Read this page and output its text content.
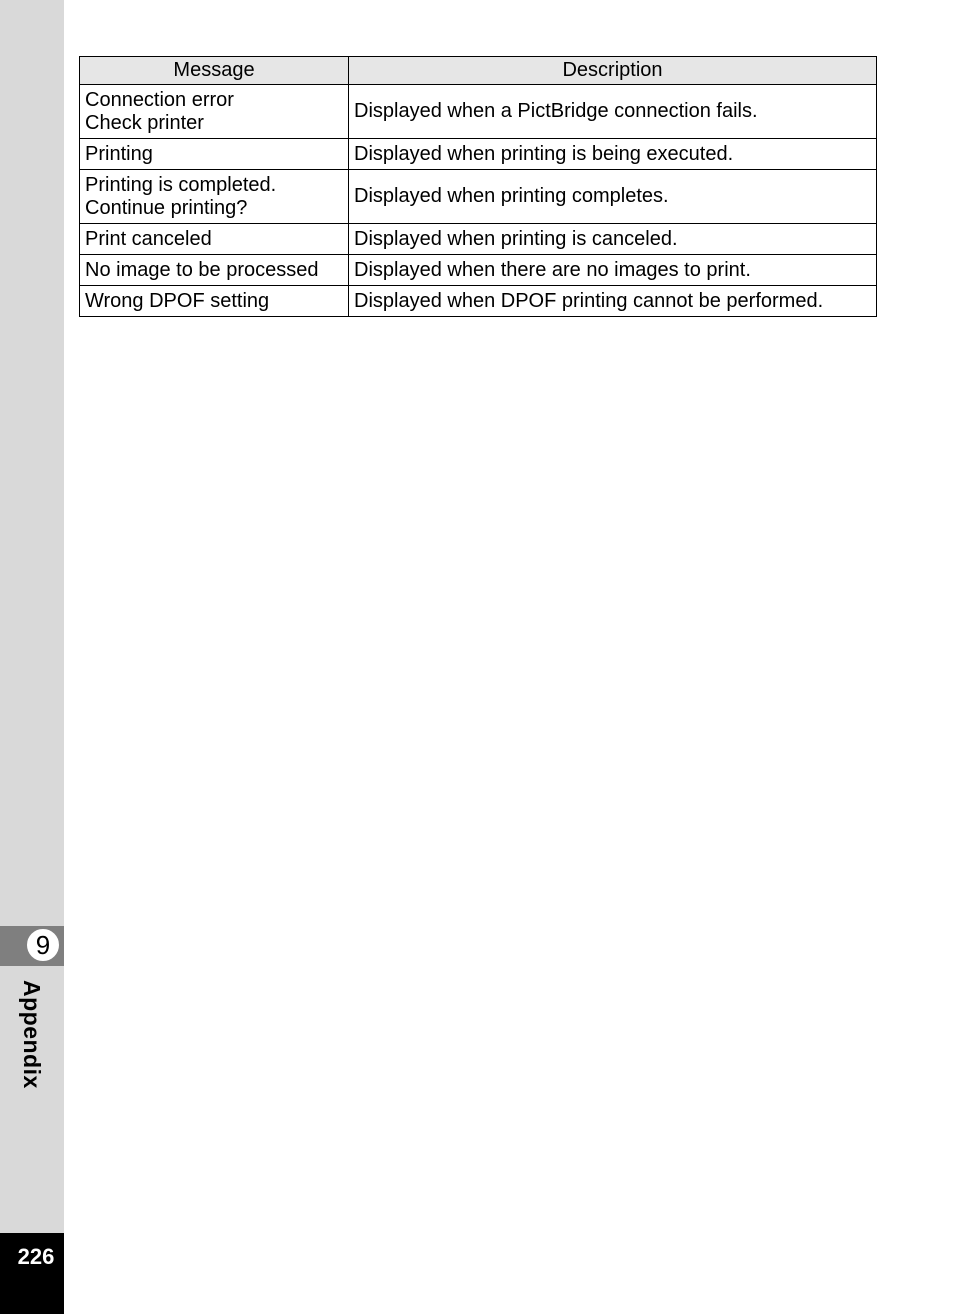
9
Appendix
226
Message	Description

Connection error
Check printer	Displayed when a PictBridge connection fails.

Printing	Displayed when printing is being executed.

Printing is completed.
Continue printing?	Displayed when printing completes.

Print canceled	Displayed when printing is canceled.

No image to be processed	Displayed when there are no images to print.

Wrong DPOF setting	Displayed when DPOF printing cannot be performed.
